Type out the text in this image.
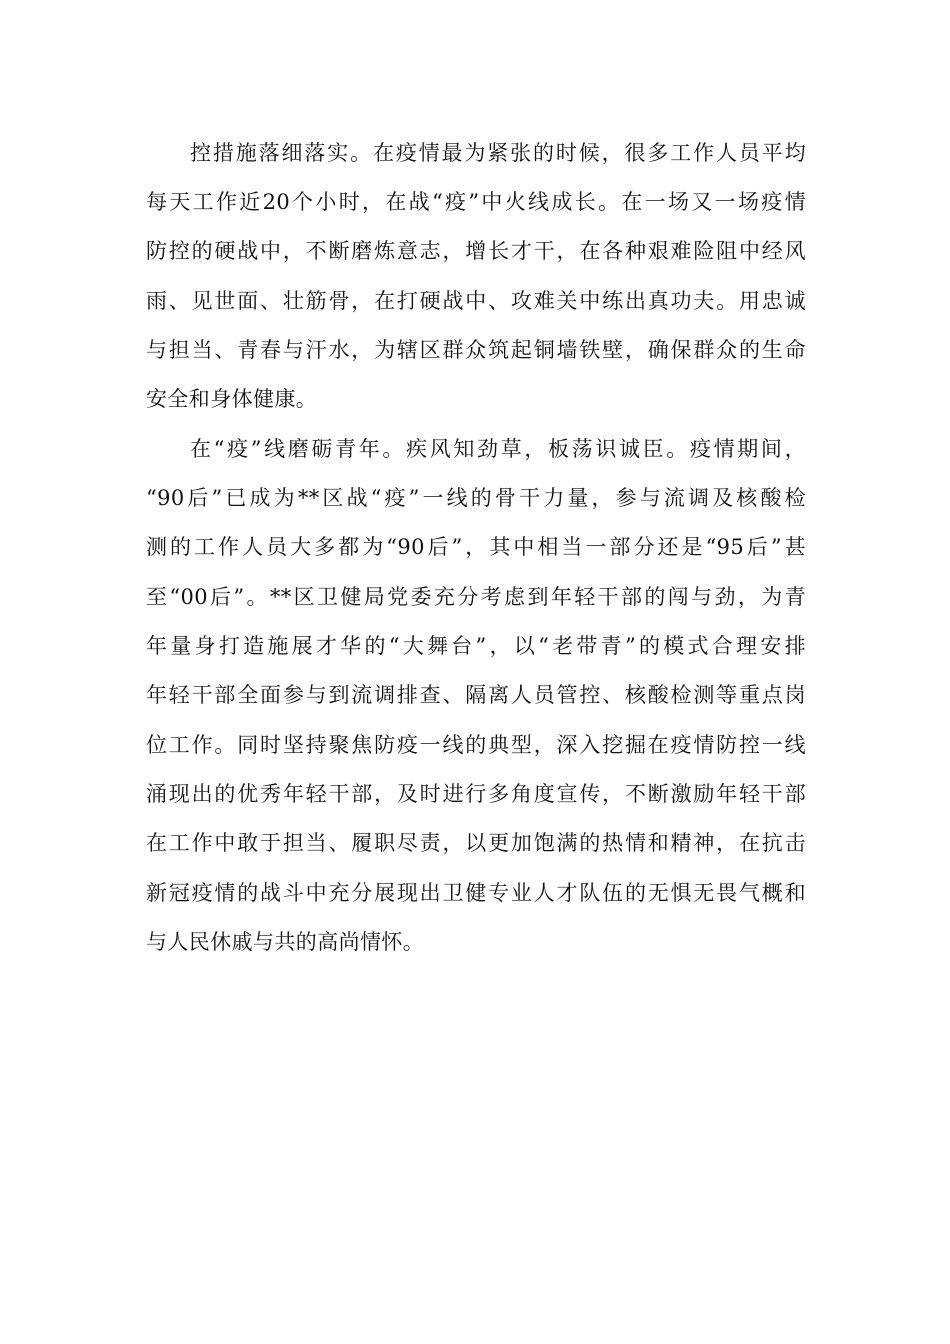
控措施落细落实。在疫情最为紧张的时候，很多工作人员平均
每天工作近20个小时，在战“疫”中火线成长。在一场又一场疫情
防控的硬战中，不断磨炼意志，增长才干，在各种艰难险阻中经风
雨、见世面、壮筋骨，在打硬战中、攻难关中练出真功夫。用忠诚
与担当、青春与汗水，为辖区群众筑起铜墙铁壁，确保群众的生命
安全和身体健康。
在“疫”线磨砺青年。疾风知劲草，板荡识诚臣。疫情期间，
“90后”已成为**区战“疫”一线的骨干力量，参与流调及核酸检
测的工作人员大多都为“90后”，其中相当一部分还是“95后”甚
至“00后”。**区卫健局党委充分考虑到年轻干部的闯与劲，为青
年量身打造施展才华的“大舞台”，以“老带青”的模式合理安排
年轻干部全面参与到流调排查、隔离人员管控、核酸检测等重点岗
位工作。同时坚持聚焦防疫一线的典型，深入挖掘在疫情防控一线
涌现出的优秀年轻干部，及时进行多角度宣传，不断激励年轻干部
在工作中敢于担当、履职尽责，以更加饱满的热情和精神，在抗击
新冠疫情的战斗中充分展现出卫健专业人才队伍的无惧无畏气概和
与人民休戚与共的高尚情怀。
